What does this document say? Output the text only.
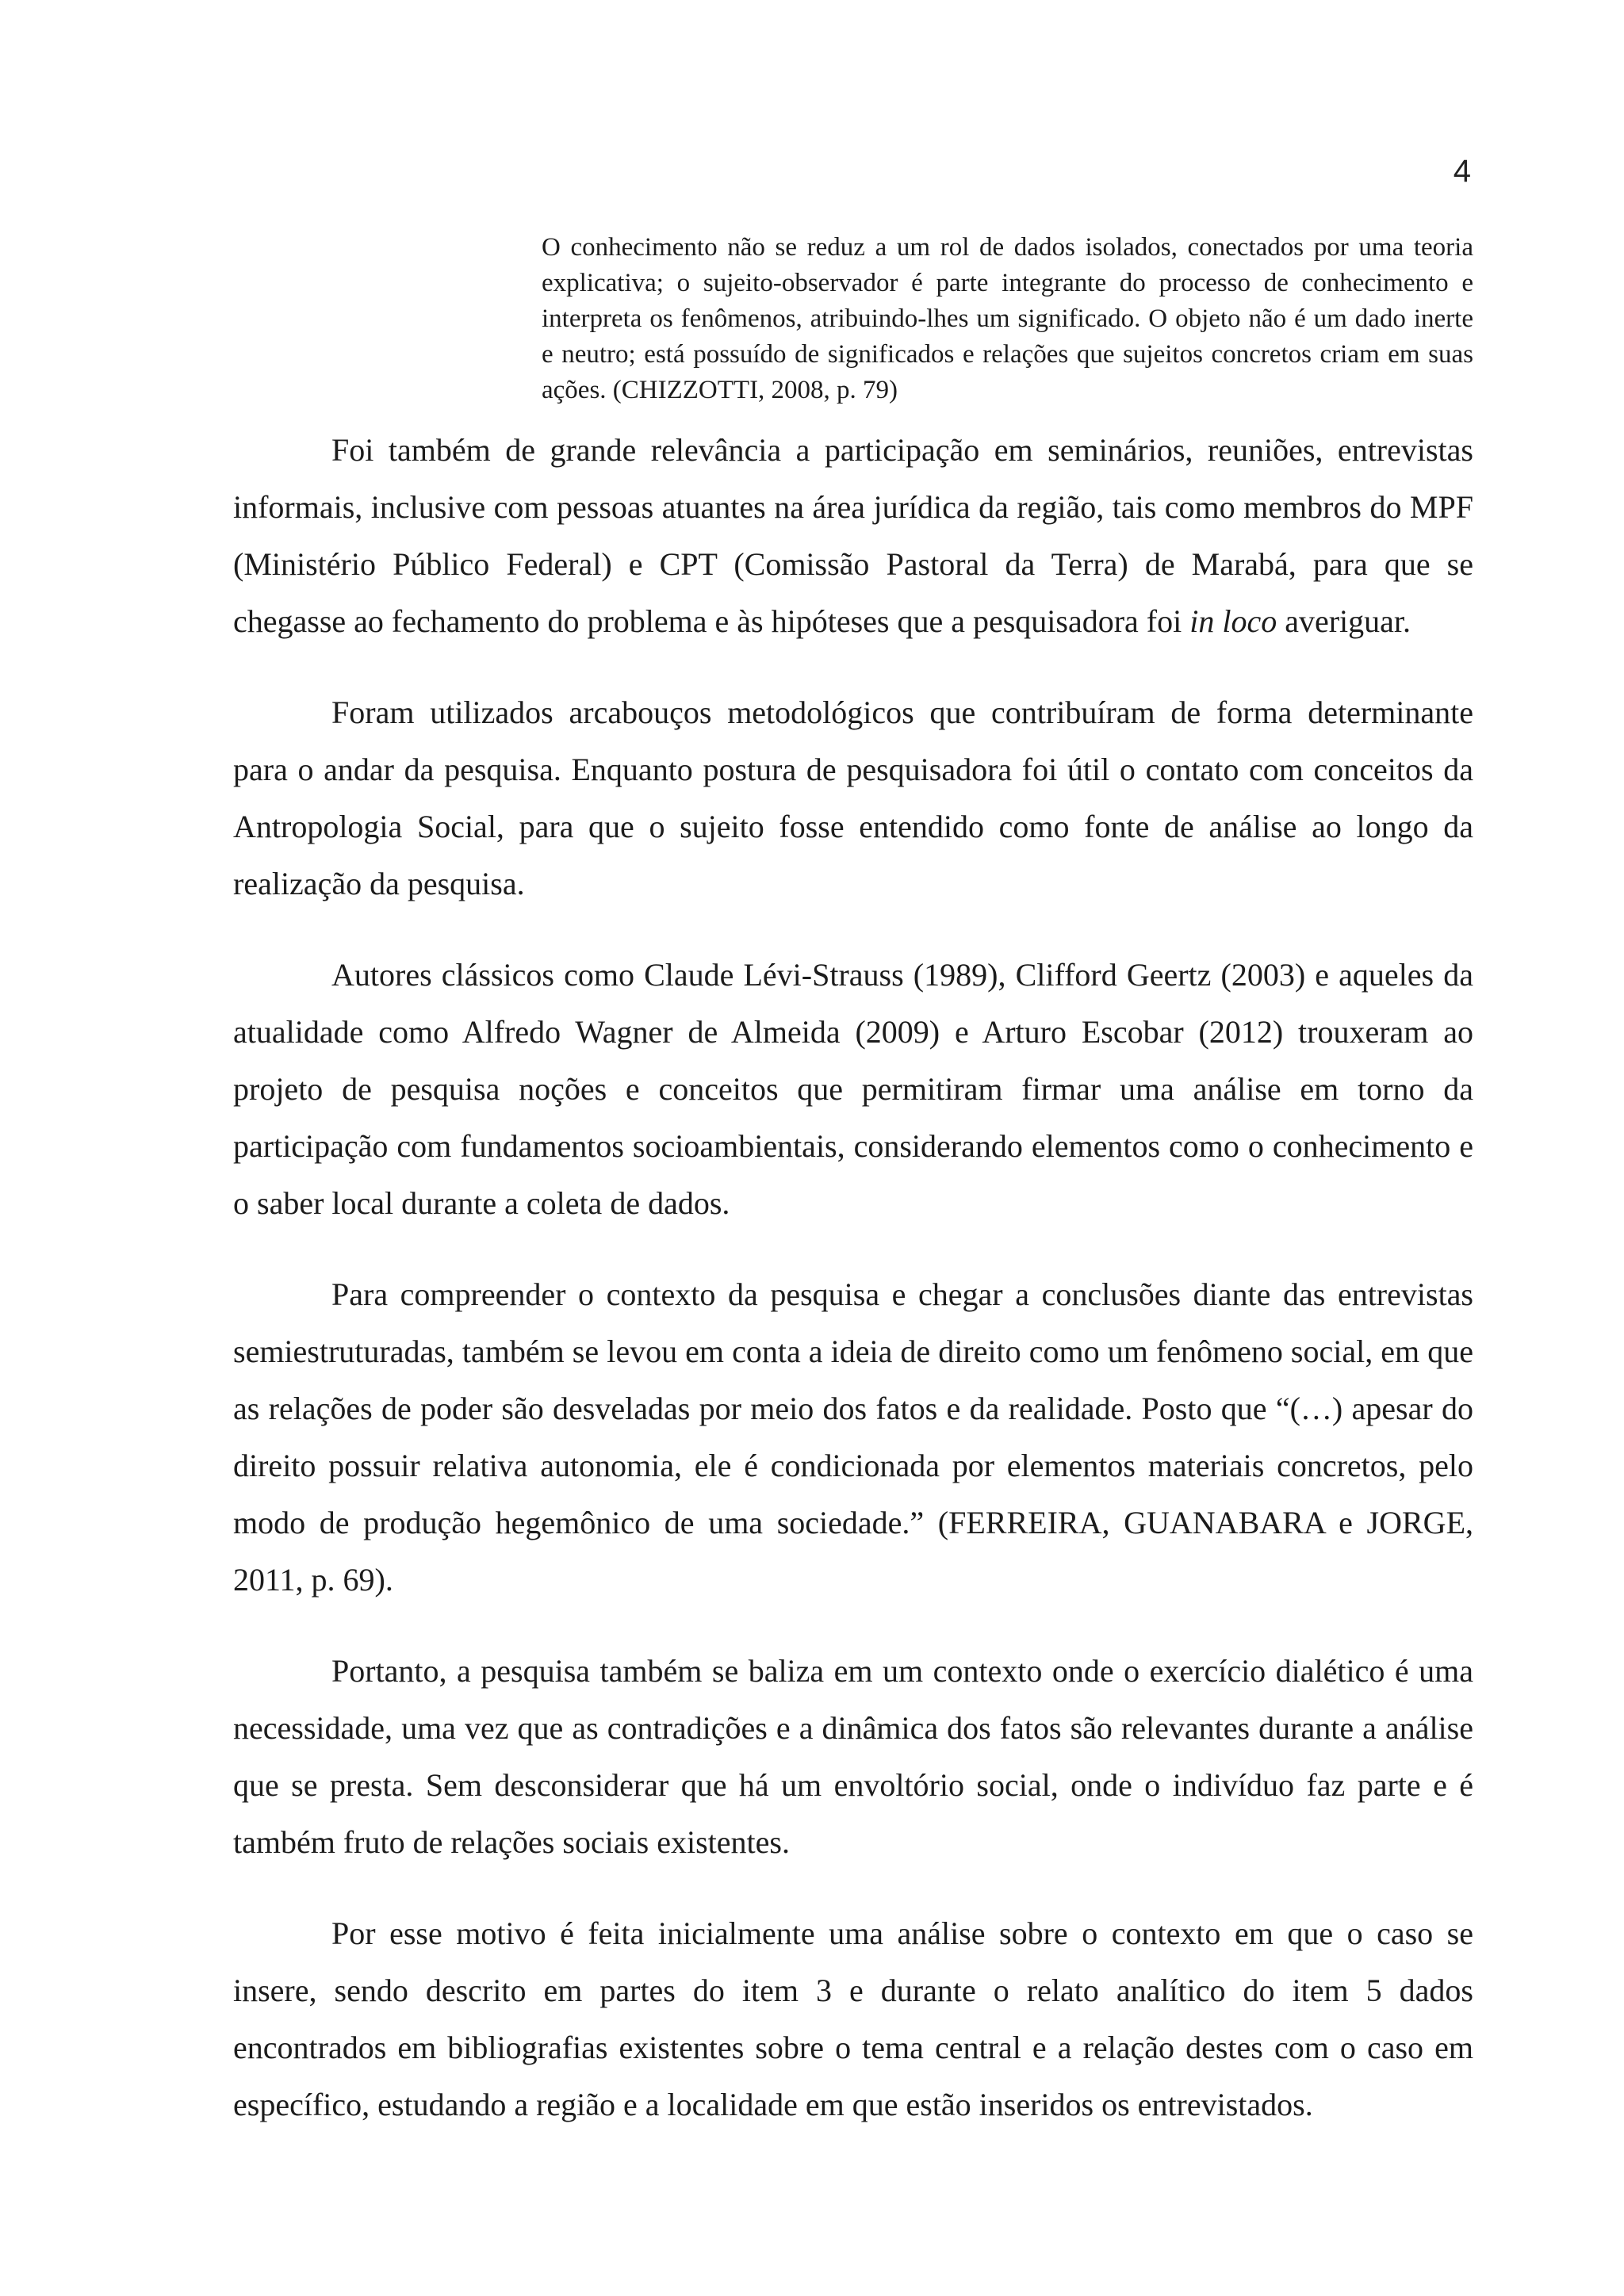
4
O conhecimento não se reduz a um rol de dados isolados, conectados por uma teoria explicativa; o sujeito-observador é parte integrante do processo de conhecimento e interpreta os fenômenos, atribuindo-lhes um significado. O objeto não é um dado inerte e neutro; está possuído de significados e relações que sujeitos concretos criam em suas ações. (CHIZZOTTI, 2008, p. 79)

Foi também de grande relevância a participação em seminários, reuniões, entrevistas informais, inclusive com pessoas atuantes na área jurídica da região, tais como membros do MPF (Ministério Público Federal) e CPT (Comissão Pastoral da Terra) de Marabá, para que se chegasse ao fechamento do problema e às hipóteses que a pesquisadora foi in loco averiguar.

Foram utilizados arcabouços metodológicos que contribuíram de forma determinante para o andar da pesquisa. Enquanto postura de pesquisadora foi útil o contato com conceitos da Antropologia Social, para que o sujeito fosse entendido como fonte de análise ao longo da realização da pesquisa.

Autores clássicos como Claude Lévi-Strauss (1989), Clifford Geertz (2003) e aqueles da atualidade como Alfredo Wagner de Almeida (2009) e Arturo Escobar (2012) trouxeram ao projeto de pesquisa noções e conceitos que permitiram firmar uma análise em torno da participação com fundamentos socioambientais, considerando elementos como o conhecimento e o saber local durante a coleta de dados.

Para compreender o contexto da pesquisa e chegar a conclusões diante das entrevistas semiestruturadas, também se levou em conta a ideia de direito como um fenômeno social, em que as relações de poder são desveladas por meio dos fatos e da realidade. Posto que “(…) apesar do direito possuir relativa autonomia, ele é condicionada por elementos materiais concretos, pelo modo de produção hegemônico de uma sociedade.” (FERREIRA, GUANABARA e JORGE, 2011, p. 69).

Portanto, a pesquisa também se baliza em um contexto onde o exercício dialético é uma necessidade, uma vez que as contradições e a dinâmica dos fatos são relevantes durante a análise que se presta. Sem desconsiderar que há um envoltório social, onde o indivíduo faz parte e é também fruto de relações sociais existentes.

Por esse motivo é feita inicialmente uma análise sobre o contexto em que o caso se insere, sendo descrito em partes do item 3 e durante o relato analítico do item 5 dados encontrados em bibliografias existentes sobre o tema central e a relação destes com o caso em específico, estudando a região e a localidade em que estão inseridos os entrevistados.
